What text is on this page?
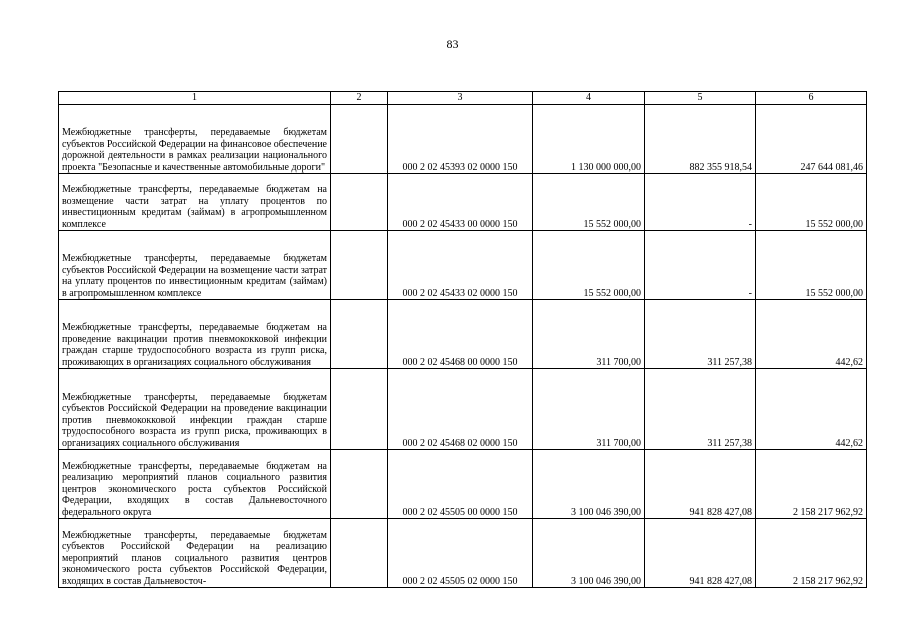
83
1	2	3	4	5	6
Межбюджетные трансферты, передаваемые бюджетам субъектов Российской Федерации на финансовое обеспечение дорожной деятельности в рамках реализации национального проекта "Безопасные и качественные автомобильные дороги"		000 2 02 45393 02 0000 150	1 130 000 000,00	882 355 918,54	247 644 081,46
Межбюджетные трансферты, передаваемые бюджетам на возмещение части затрат на уплату процентов по инвестиционным кредитам (займам) в агропромышленном комплексе		000 2 02 45433 00 0000 150	15 552 000,00	-	15 552 000,00
Межбюджетные трансферты, передаваемые бюджетам субъектов Российской Федерации на возмещение части затрат на уплату процентов по инвестиционным кредитам (займам) в агропромышленном комплексе		000 2 02 45433 02 0000 150	15 552 000,00	-	15 552 000,00
Межбюджетные трансферты, передаваемые бюджетам на проведение вакцинации против пневмококковой инфекции граждан старше трудоспособного возраста из групп риска, проживающих в организациях социального обслуживания		000 2 02 45468 00 0000 150	311 700,00	311 257,38	442,62
Межбюджетные трансферты, передаваемые бюджетам субъектов Российской Федерации на проведение вакцинации против пневмококковой инфекции граждан старше трудоспособного возраста из групп риска, проживающих в организациях социального обслуживания		000 2 02 45468 02 0000 150	311 700,00	311 257,38	442,62
Межбюджетные трансферты, передаваемые бюджетам на реализацию мероприятий планов социального развития центров экономического роста субъектов Российской Федерации, входящих в состав Дальневосточного федерального округа		000 2 02 45505 00 0000 150	3 100 046 390,00	941 828 427,08	2 158 217 962,92
Межбюджетные трансферты, передаваемые бюджетам субъектов Российской Федерации на реализацию мероприятий планов социального развития центров экономического роста субъектов Российской Федерации, входящих в состав Дальневосточ-		000 2 02 45505 02 0000 150	3 100 046 390,00	941 828 427,08	2 158 217 962,92
